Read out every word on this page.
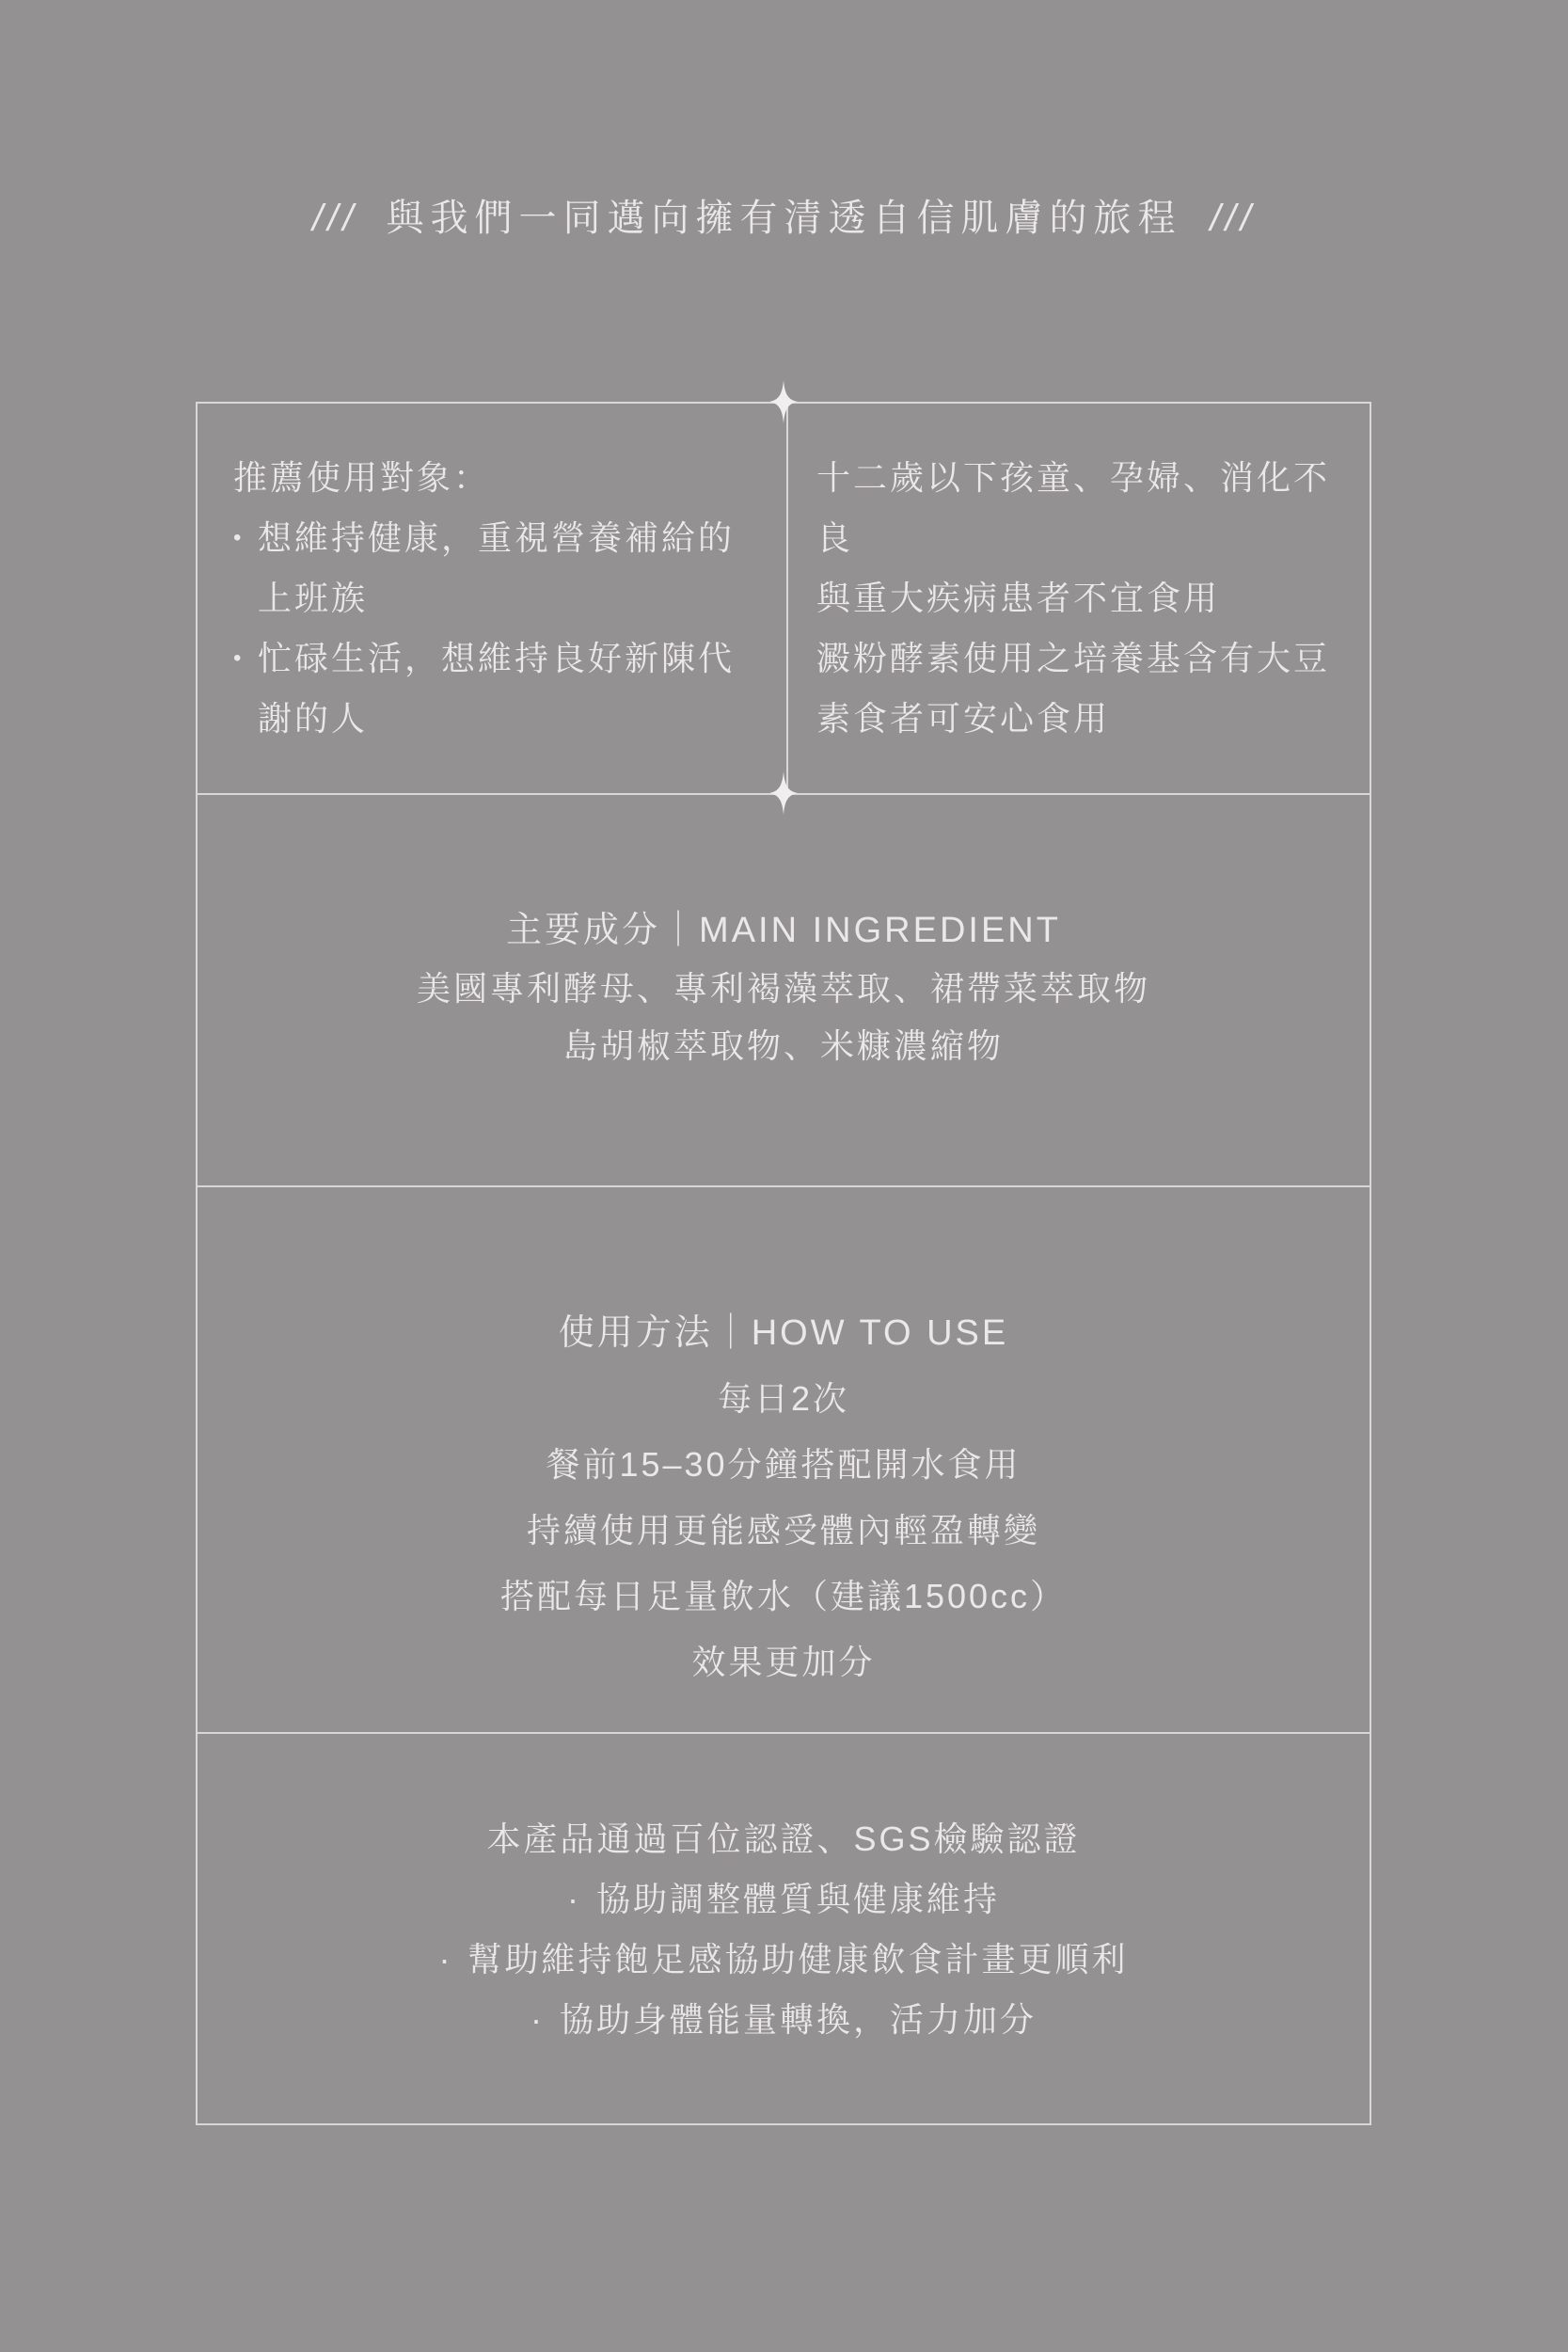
/// 與我們一同邁向擁有清透自信肌膚的旅程 ///
推薦使用對象：
• 想維持健康，重視營養補給的
上班族
• 忙碌生活，想維持良好新陳代
謝的人
十二歲以下孩童、孕婦、消化不良
與重大疾病患者不宜食用
澱粉酵素使用之培養基含有大豆
素食者可安心食用
主要成分｜MAIN INGREDIENT
美國專利酵母、專利褐藻萃取、裙帶菜萃取物
島胡椒萃取物、米糠濃縮物
使用方法｜HOW TO USE
每日2次
餐前15–30分鐘搭配開水食用
持續使用更能感受體內輕盈轉變
搭配每日足量飲水（建議1500cc）
效果更加分
本產品通過百位認證、SGS檢驗認證
· 協助調整體質與健康維持
· 幫助維持飽足感協助健康飲食計畫更順利
· 協助身體能量轉換，活力加分
